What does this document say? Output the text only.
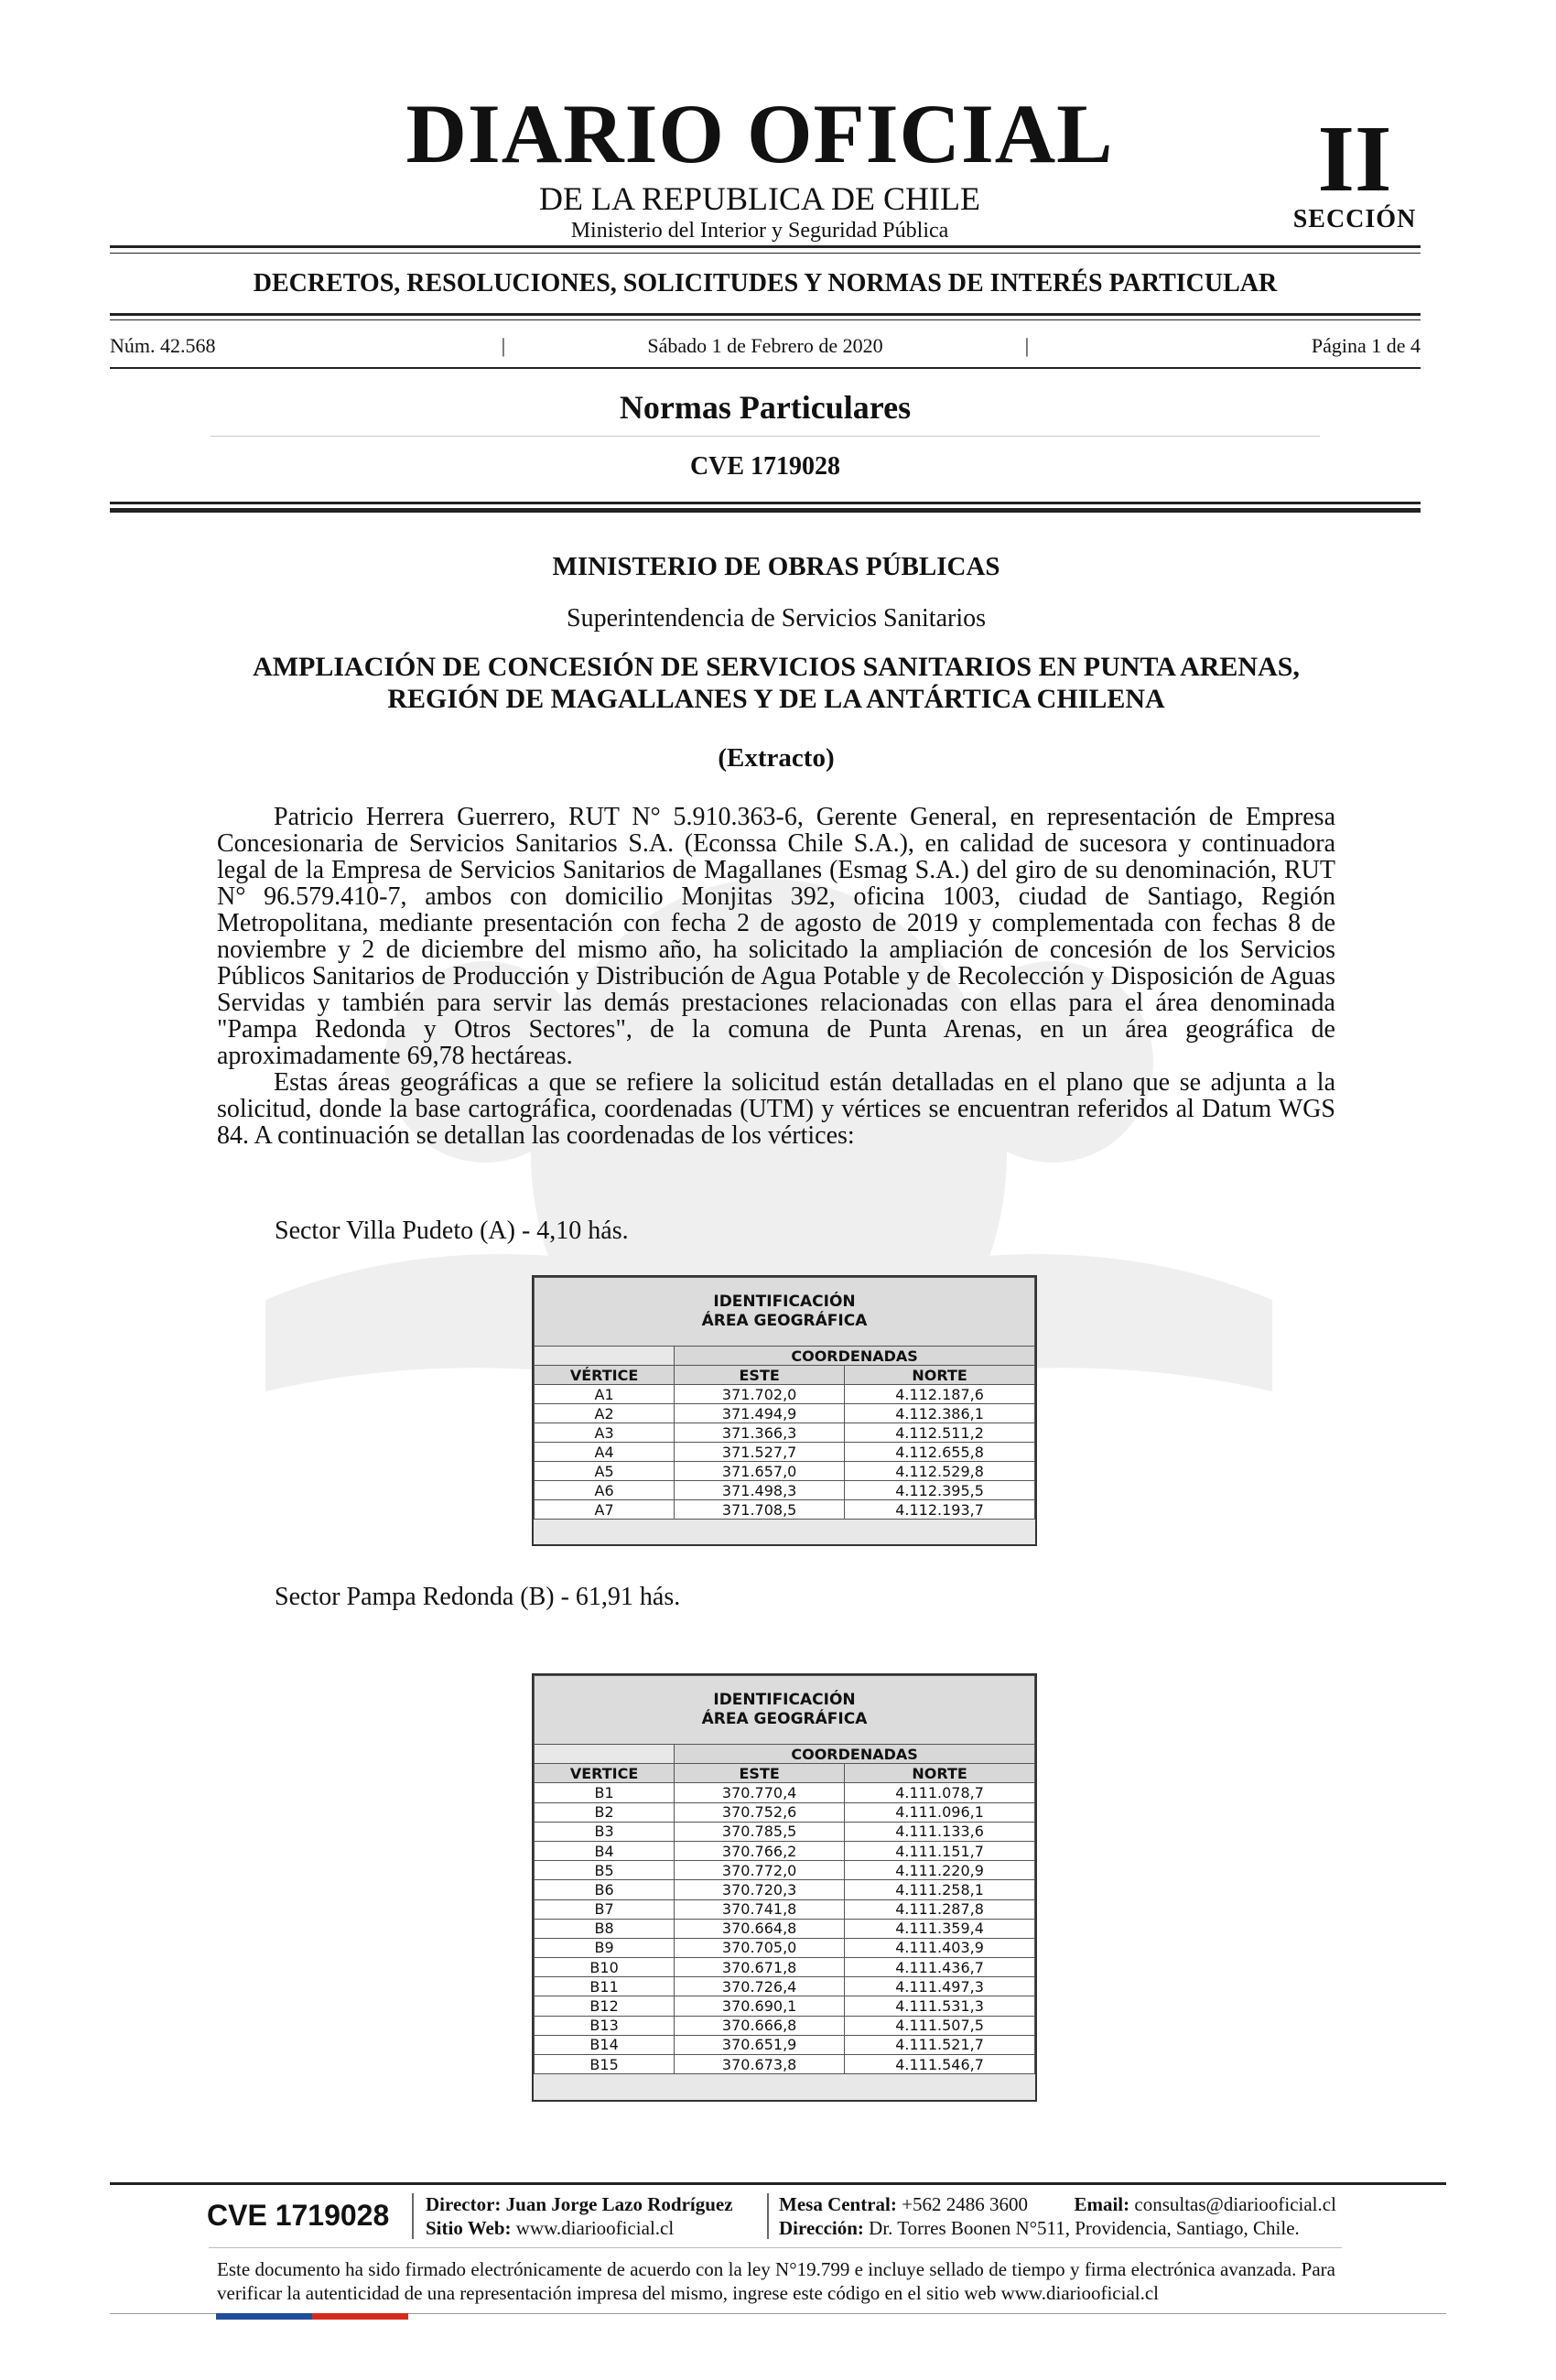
DIARIO OFICIAL
DE LA REPUBLICA DE CHILE
Ministerio del Interior y Seguridad Pública
II
SECCIÓN
DECRETOS, RESOLUCIONES, SOLICITUDES Y NORMAS DE INTERÉS PARTICULAR
Núm. 42.568	|	Sábado 1 de Febrero de 2020	|	Página 1 de 4
Normas Particulares
CVE 1719028
MINISTERIO DE OBRAS PÚBLICAS
Superintendencia de Servicios Sanitarios
AMPLIACIÓN DE CONCESIÓN DE SERVICIOS SANITARIOS EN PUNTA ARENAS,
REGIÓN DE MAGALLANES Y DE LA ANTÁRTICA CHILENA
(Extracto)

Patricio Herrera Guerrero, RUT N° 5.910.363-6, Gerente General, en representación de Empresa Concesionaria de Servicios Sanitarios S.A. (Econssa Chile S.A.), en calidad de sucesora y continuadora legal de la Empresa de Servicios Sanitarios de Magallanes (Esmag S.A.) del giro de su denominación, RUT N° 96.579.410-7, ambos con domicilio Monjitas 392, oficina 1003, ciudad de Santiago, Región Metropolitana, mediante presentación con fecha 2 de agosto de 2019 y complementada con fechas 8 de noviembre y 2 de diciembre del mismo año, ha solicitado la ampliación de concesión de los Servicios Públicos Sanitarios de Producción y Distribución de Agua Potable y de Recolección y Disposición de Aguas Servidas y también para servir las demás prestaciones relacionadas con ellas para el área denominada "Pampa Redonda y Otros Sectores", de la comuna de Punta Arenas, en un área geográfica de aproximadamente 69,78 hectáreas.

Estas áreas geográficas a que se refiere la solicitud están detalladas en el plano que se adjunta a la solicitud, donde la base cartográfica, coordenadas (UTM) y vértices se encuentran referidos al Datum WGS 84. A continuación se detallan las coordenadas de los vértices:

Sector Villa Pudeto (A) - 4,10 hás.
IDENTIFICACIÓN
ÁREA GEOGRÁFICA		

	COORDENADAS	
VÉRTICE	ESTE	NORTE
A1	371.702,0	4.112.187,6
A2	371.494,9	4.112.386,1
A3	371.366,3	4.112.511,2
A4	371.527,7	4.112.655,8
A5	371.657,0	4.112.529,8
A6	371.498,3	4.112.395,5
A7	371.708,5	4.112.193,7
Sector Pampa Redonda (B) - 61,91 hás.
IDENTIFICACIÓN
ÁREA GEOGRÁFICA		

	COORDENADAS	
VERTICE	ESTE	NORTE
B1	370.770,4	4.111.078,7
B2	370.752,6	4.111.096,1
B3	370.785,5	4.111.133,6
B4	370.766,2	4.111.151,7
B5	370.772,0	4.111.220,9
B6	370.720,3	4.111.258,1
B7	370.741,8	4.111.287,8
B8	370.664,8	4.111.359,4
B9	370.705,0	4.111.403,9
B10	370.671,8	4.111.436,7
B11	370.726,4	4.111.497,3
B12	370.690,1	4.111.531,3
B13	370.666,8	4.111.507,5
B14	370.651,9	4.111.521,7
B15	370.673,8	4.111.546,7
CVE 1719028	Director: Juan Jorge Lazo Rodríguez
Sitio Web: www.diariooficial.cl
Mesa Central: +562 2486 3600 Email: consultas@diariooficial.cl
Dirección: Dr. Torres Boonen N°511, Providencia, Santiago, Chile.
Este documento ha sido firmado electrónicamente de acuerdo con la ley N°19.799 e incluye sellado de tiempo y firma electrónica avanzada. Para verificar la autenticidad de una representación impresa del mismo, ingrese este código en el sitio web www.diariooficial.cl
